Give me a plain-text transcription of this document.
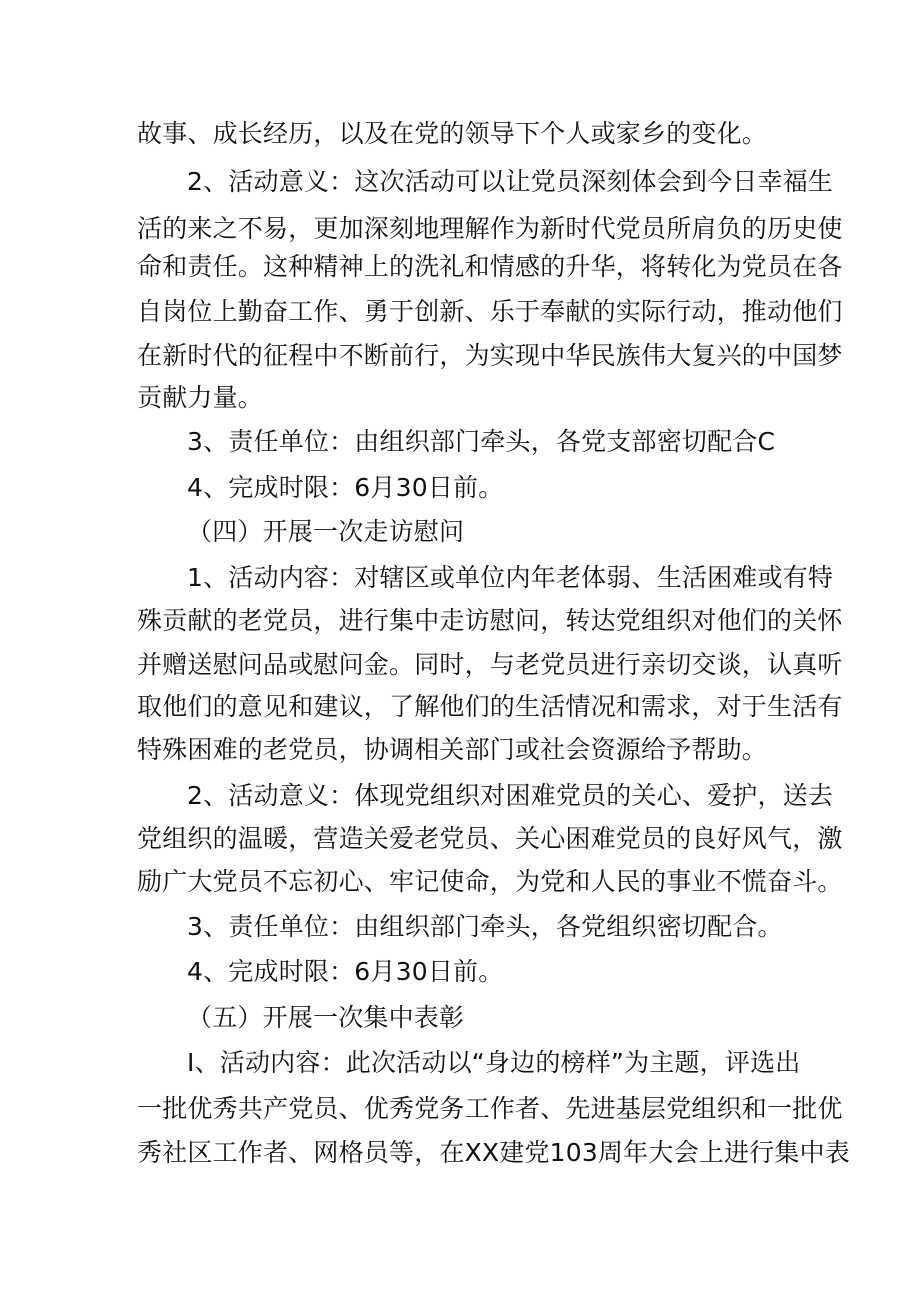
故事、成长经历，以及在党的领导下个人或家乡的变化。
2、活动意义：这次活动可以让党员深刻体会到今日幸福生
活的来之不易，更加深刻地理解作为新时代党员所肩负的历史使
命和责任。这种精神上的洗礼和情感的升华，将转化为党员在各
自岗位上勤奋工作、勇于创新、乐于奉献的实际行动，推动他们
在新时代的征程中不断前行，为实现中华民族伟大复兴的中国梦
贡献力量。
3、责任单位：由组织部门牵头，各党支部密切配合C
4、完成时限：6月30日前。
（四）开展一次走访慰问
1、活动内容：对辖区或单位内年老体弱、生活困难或有特
殊贡献的老党员，进行集中走访慰问，转达党组织对他们的关怀
并赠送慰问品或慰问金。同时，与老党员进行亲切交谈，认真听
取他们的意见和建议，了解他们的生活情况和需求，对于生活有
特殊困难的老党员，协调相关部门或社会资源给予帮助。
2、活动意义：体现党组织对困难党员的关心、爱护，送去
党组织的温暖，营造关爱老党员、关心困难党员的良好风气，激
励广大党员不忘初心、牢记使命，为党和人民的事业不慌奋斗。
3、责任单位：由组织部门牵头，各党组织密切配合。
4、完成时限：6月30日前。
（五）开展一次集中表彰
I、活动内容：此次活动以“身边的榜样”为主题，评选出
一批优秀共产党员、优秀党务工作者、先进基层党组织和一批优
秀社区工作者、网格员等，在XX建党103周年大会上进行集中表
